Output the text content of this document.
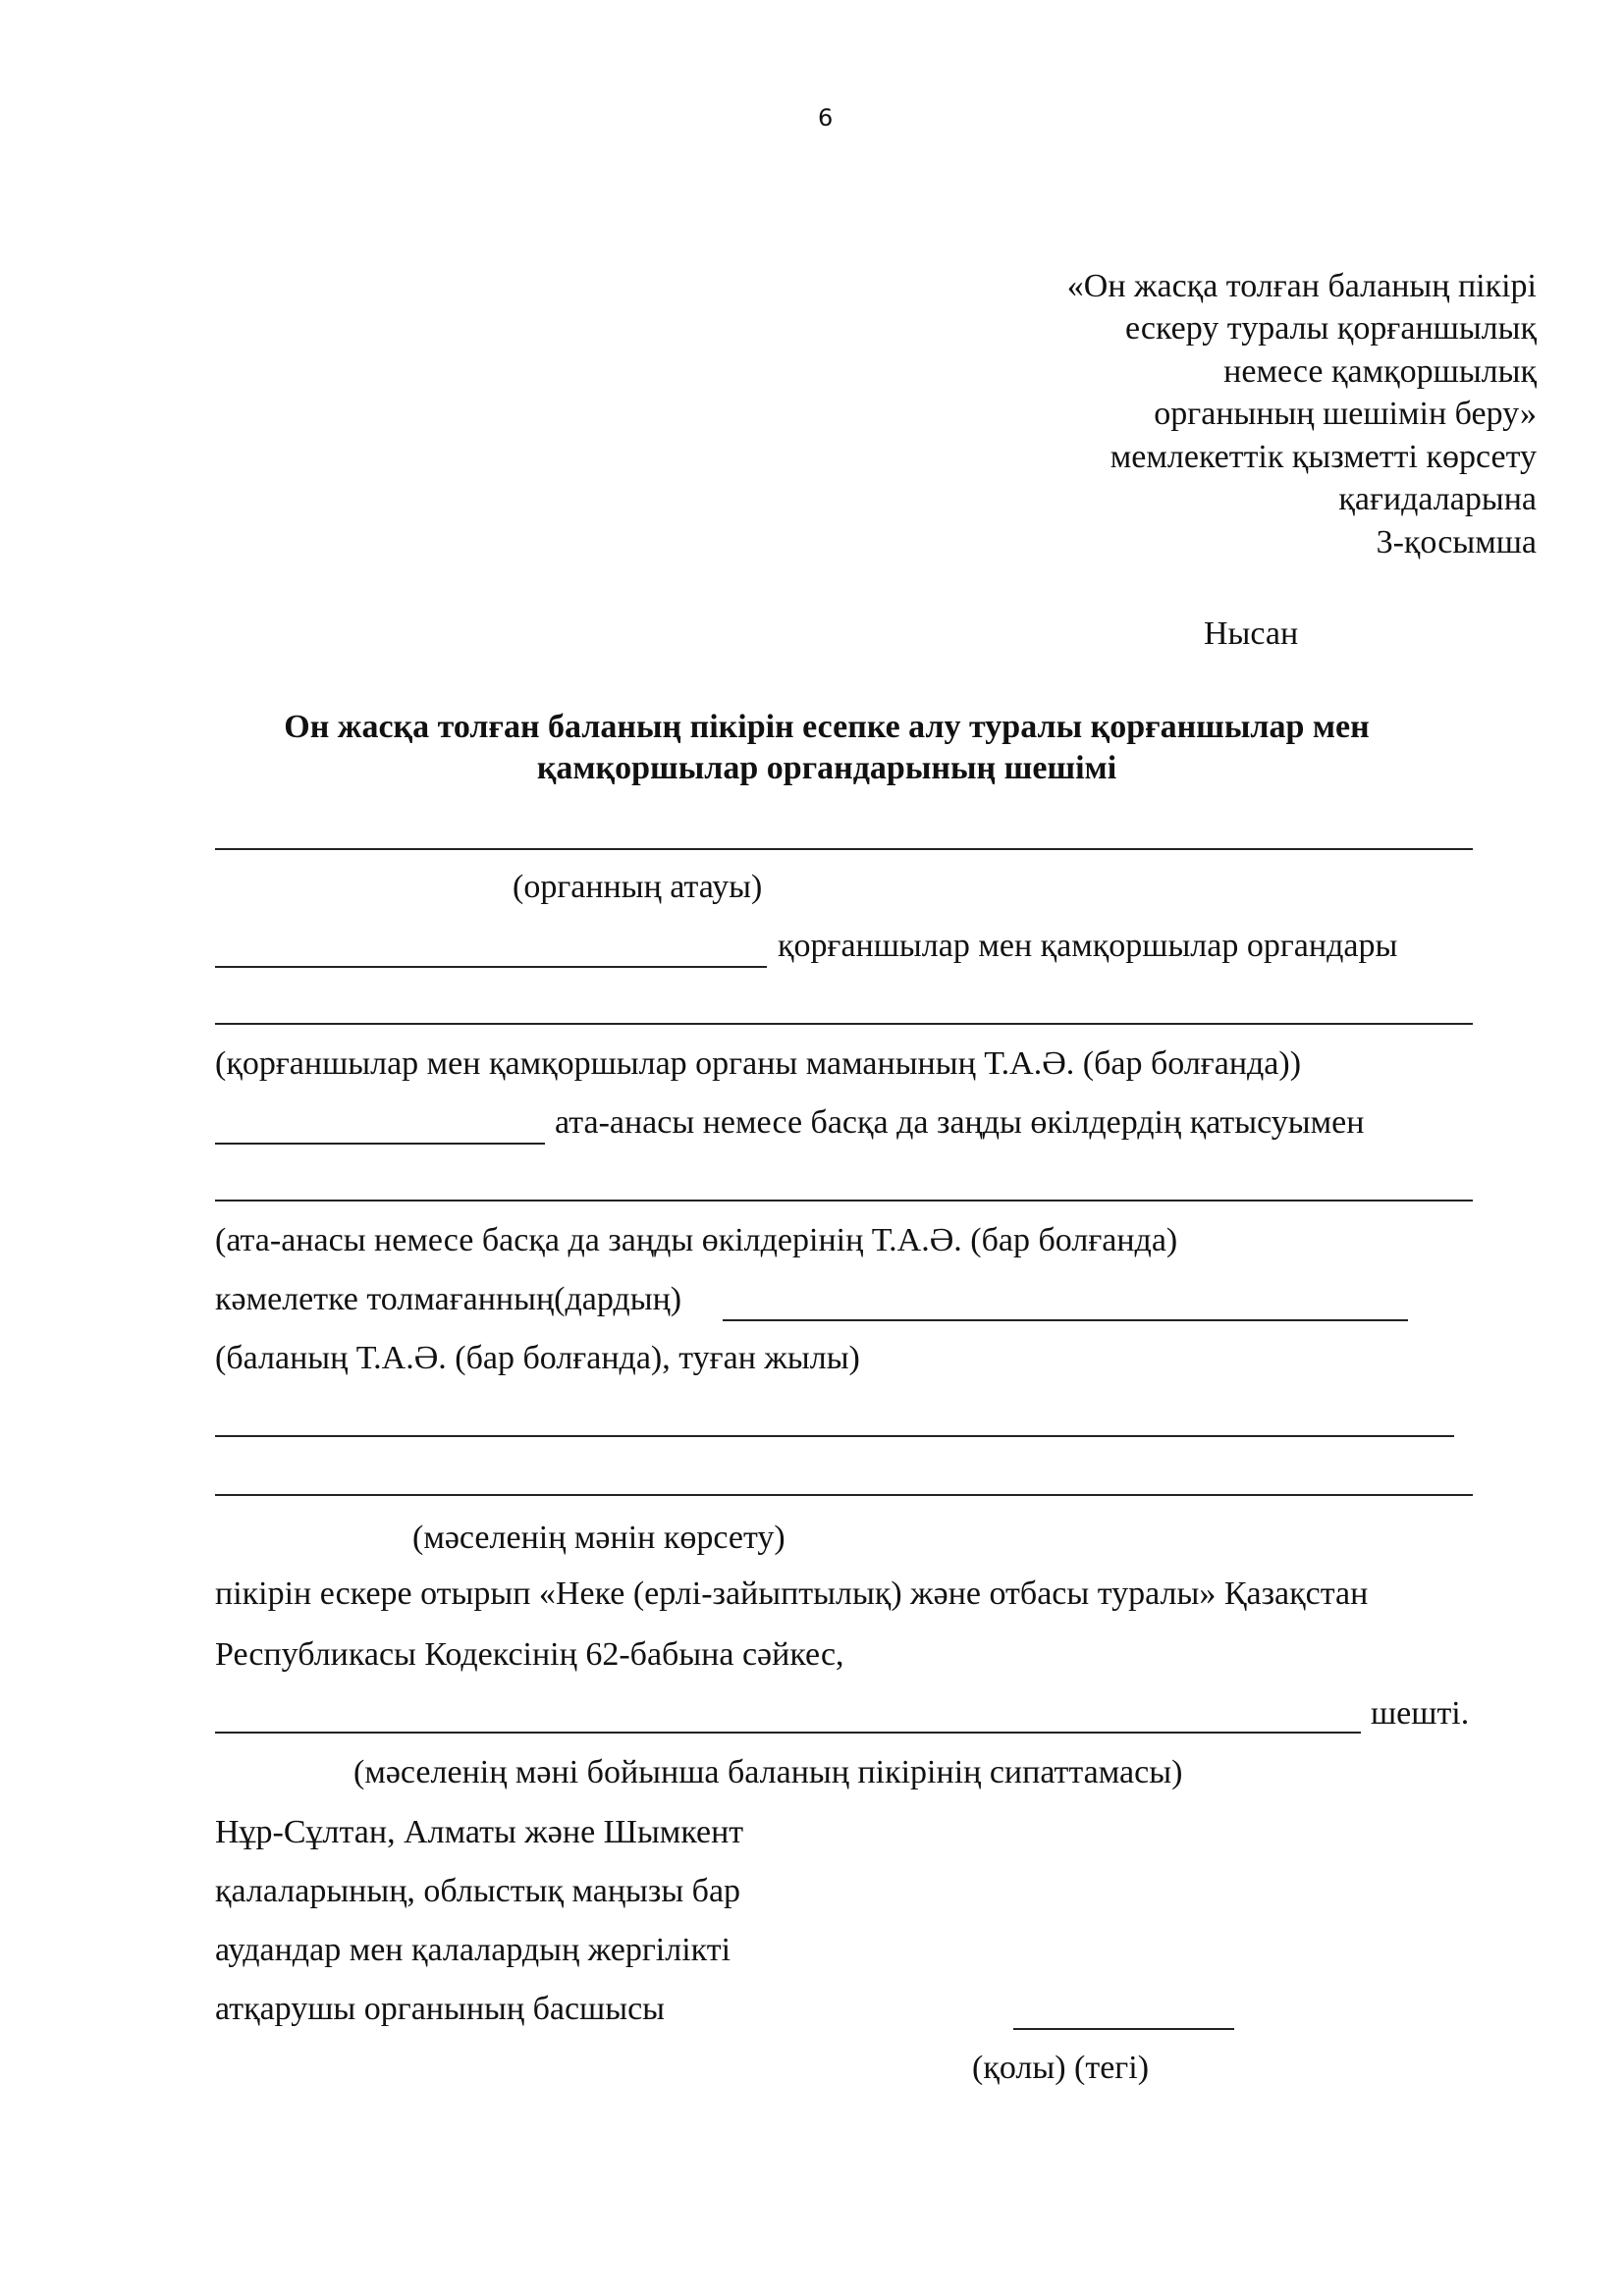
6
«Он жасқа толған баланың пікірі
ескеру туралы қорғаншылық
немесе қамқоршылық
органының шешімін беру»
мемлекеттік қызметті көрсету
қағидаларына
3-қосымша
Нысан
Он жасқа толған баланың пікірін есепке алу туралы қорғаншылар мен
қамқоршылар органдарының шешімі
(органның атауы)
қорғаншылар мен қамқоршылар органдары
(қорғаншылар мен қамқоршылар органы маманының Т.А.Ә. (бар болғанда))
ата-анасы немесе басқа да заңды өкілдердің қатысуымен
(ата-анасы немесе басқа да заңды өкілдерінің Т.А.Ә. (бар болғанда)
кәмелетке толмағанның(дардың)
(баланың Т.А.Ә. (бар болғанда), туған жылы)
(мәселенің мәнін көрсету)
пікірін ескере отырып «Неке (ерлі-зайыптылық) және отбасы туралы» Қазақстан
Республикасы Кодексінің 62-бабына сәйкес,
шешті.
(мәселенің мәні бойынша баланың пікірінің сипаттамасы)
Нұр-Сұлтан, Алматы және Шымкент
қалаларының, облыстық маңызы бар
аудандар мен қалалардың жергілікті
атқарушы органының басшысы
(қолы) (тегі)
